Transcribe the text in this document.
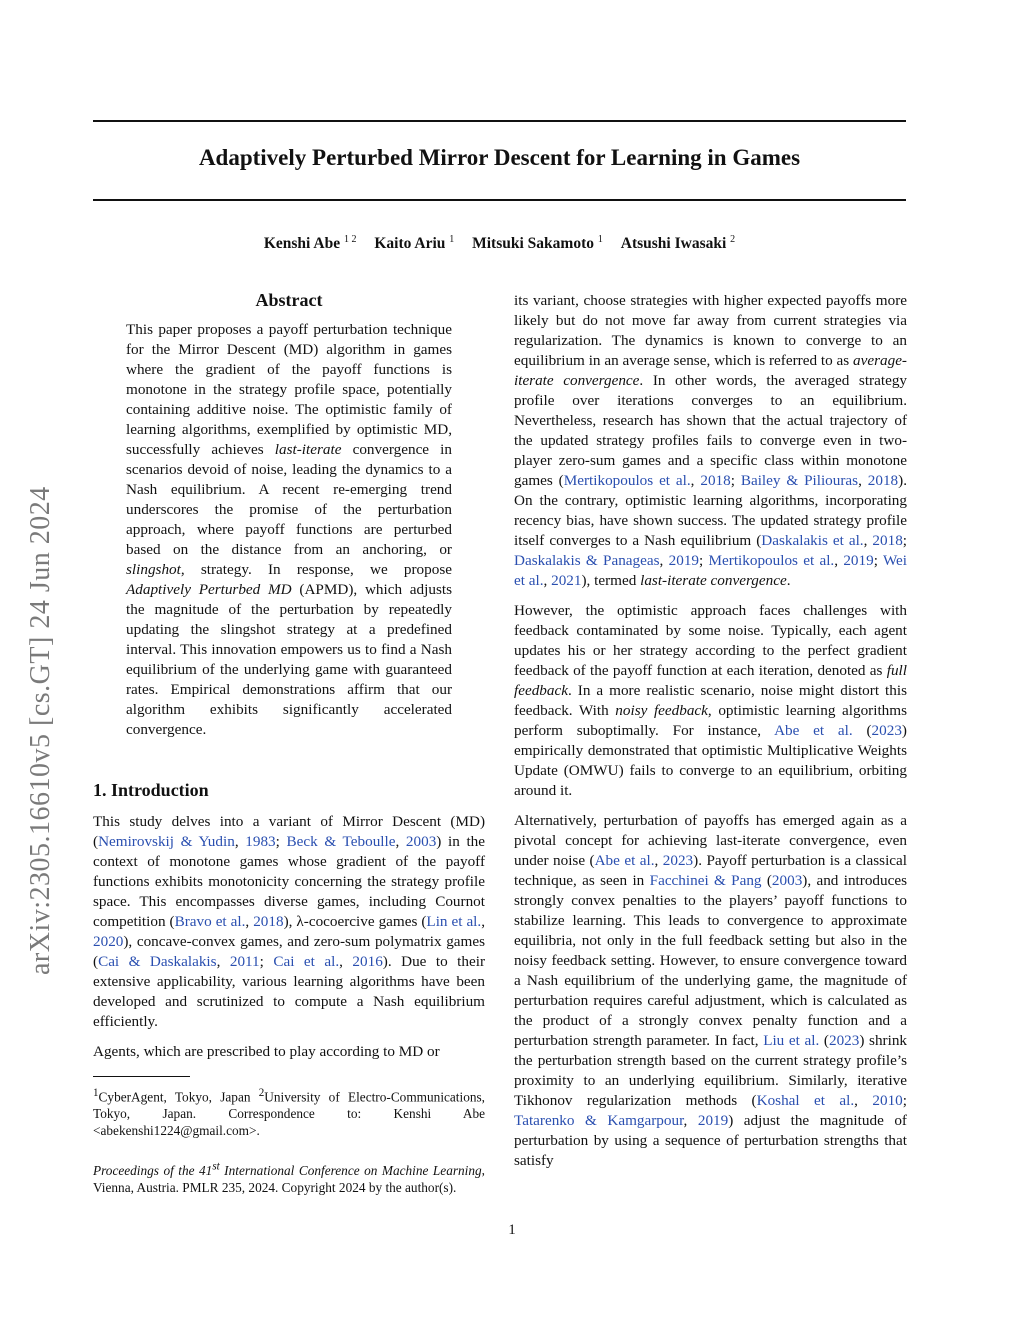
Adaptively Perturbed Mirror Descent for Learning in Games
Kenshi Abe $^{1 2}$ Kaito Ariu $^1$ Mitsuki Sakamoto $^1$ Atsushi Iwasaki $^2$
arXiv:2305.16610v5 [cs.GT] 24 Jun 2024
Abstract

This paper proposes a payoff perturbation technique for the Mirror Descent (MD) algorithm in games where the gradient of the payoff functions is monotone in the strategy profile space, potentially containing additive noise. The optimistic family of learning algorithms, exemplified by optimistic MD, successfully achieves last-iterate convergence in scenarios devoid of noise, leading the dynamics to a Nash equilibrium. A recent re-emerging trend underscores the promise of the perturbation approach, where payoff functions are perturbed based on the distance from an anchoring, or slingshot, strategy. In response, we propose Adaptively Perturbed MD (APMD), which adjusts the magnitude of the perturbation by repeatedly updating the slingshot strategy at a predefined interval. This innovation empowers us to find a Nash equilibrium of the underlying game with guaranteed rates. Empirical demonstrations affirm that our algorithm exhibits significantly accelerated convergence.

1. Introduction

This study delves into a variant of Mirror Descent (MD) (Nemirovskij & Yudin, 1983; Beck & Teboulle, 2003) in the context of monotone games whose gradient of the payoff functions exhibits monotonicity concerning the strategy profile space. This encompasses diverse games, including Cournot competition (Bravo et al., 2018), λ-cocoercive games (Lin et al., 2020), concave-convex games, and zero-sum polymatrix games (Cai & Daskalakis, 2011; Cai et al., 2016). Due to their extensive applicability, various learning algorithms have been developed and scrutinized to compute a Nash equilibrium efficiently.

Agents, which are prescribed to play according to MD or

$^1$CyberAgent, Tokyo, Japan $^2$University of Electro-Communications, Tokyo, Japan. Correspondence to: Kenshi Abe <abekenshi1224@gmail.com>.

Proceedings of the 41st International Conference on Machine Learning, Vienna, Austria. PMLR 235, 2024. Copyright 2024 by the author(s).

its variant, choose strategies with higher expected payoffs more likely but do not move far away from current strategies via regularization. The dynamics is known to converge to an equilibrium in an average sense, which is referred to as average-iterate convergence. In other words, the averaged strategy profile over iterations converges to an equilibrium. Nevertheless, research has shown that the actual trajectory of the updated strategy profiles fails to converge even in two-player zero-sum games and a specific class within monotone games (Mertikopoulos et al., 2018; Bailey & Piliouras, 2018). On the contrary, optimistic learning algorithms, incorporating recency bias, have shown success. The updated strategy profile itself converges to a Nash equilibrium (Daskalakis et al., 2018; Daskalakis & Panageas, 2019; Mertikopoulos et al., 2019; Wei et al., 2021), termed last-iterate convergence.

However, the optimistic approach faces challenges with feedback contaminated by some noise. Typically, each agent updates his or her strategy according to the perfect gradient feedback of the payoff function at each iteration, denoted as full feedback. In a more realistic scenario, noise might distort this feedback. With noisy feedback, optimistic learning algorithms perform suboptimally. For instance, Abe et al. (2023) empirically demonstrated that optimistic Multiplicative Weights Update (OMWU) fails to converge to an equilibrium, orbiting around it.

Alternatively, perturbation of payoffs has emerged again as a pivotal concept for achieving last-iterate convergence, even under noise (Abe et al., 2023). Payoff perturbation is a classical technique, as seen in Facchinei & Pang (2003), and introduces strongly convex penalties to the players’ payoff functions to stabilize learning. This leads to convergence to approximate equilibria, not only in the full feedback setting but also in the noisy feedback setting. However, to ensure convergence toward a Nash equilibrium of the underlying game, the magnitude of perturbation requires careful adjustment, which is calculated as the product of a strongly convex penalty function and a perturbation strength parameter. In fact, Liu et al. (2023) shrink the perturbation strength based on the current strategy profile’s proximity to an underlying equilibrium. Similarly, iterative Tikhonov regularization methods (Koshal et al., 2010; Tatarenko & Kamgarpour, 2019) adjust the magnitude of perturbation by using a sequence of perturbation strengths that satisfy

1
